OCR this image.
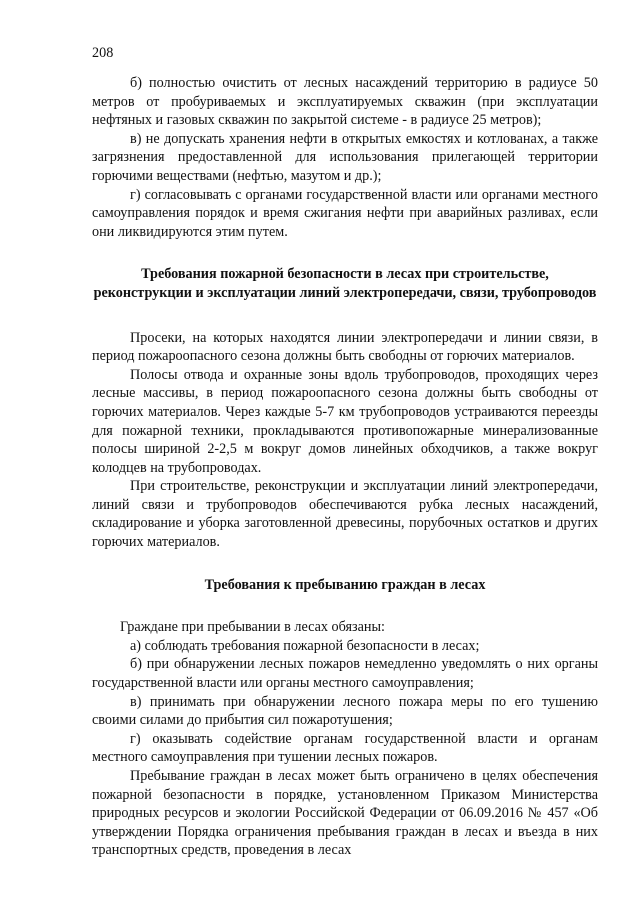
208

б) полностью очистить от лесных насаждений территорию в радиусе 50 метров от пробуриваемых и эксплуатируемых скважин (при эксплуатации нефтяных и газовых скважин по закрытой системе - в радиусе 25 метров);

в) не допускать хранения нефти в открытых емкостях и котлованах, а также загрязнения предоставленной для использования прилегающей территории горючими веществами (нефтью, мазутом и др.);

г) согласовывать с органами государственной власти или органами местного самоуправления порядок и время сжигания нефти при аварийных разливах, если они ликвидируются этим путем.

Требования пожарной безопасности в лесах при строительстве, реконструкции и эксплуатации линий электропередачи, связи, трубопроводов

Просеки, на которых находятся линии электропередачи и линии связи, в период пожароопасного сезона должны быть свободны от горючих материалов.

Полосы отвода и охранные зоны вдоль трубопроводов, проходящих через лесные массивы, в период пожароопасного сезона должны быть свободны от горючих материалов. Через каждые 5-7 км трубопроводов устраиваются переезды для пожарной техники, прокладываются противопожарные минерализованные полосы шириной 2-2,5 м вокруг домов линейных обходчиков, а также вокруг колодцев на трубопроводах.

При строительстве, реконструкции и эксплуатации линий электропередачи, линий связи и трубопроводов обеспечиваются рубка лесных насаждений, складирование и уборка заготовленной древесины, порубочных остатков и других горючих материалов.

Требования к пребыванию граждан в лесах

Граждане при пребывании в лесах обязаны:

а) соблюдать требования пожарной безопасности в лесах;

б) при обнаружении лесных пожаров немедленно уведомлять о них органы государственной власти или органы местного самоуправления;

в) принимать при обнаружении лесного пожара меры по его тушению своими силами до прибытия сил пожаротушения;

г) оказывать содействие органам государственной власти и органам местного самоуправления при тушении лесных пожаров.

Пребывание граждан в лесах может быть ограничено в целях обеспечения пожарной безопасности в порядке, установленном Приказом Министерства природных ресурсов и экологии Российской Федерации от 06.09.2016 № 457 «Об утверждении Порядка ограничения пребывания граждан в лесах и въезда в них транспортных средств, проведения в лесах
